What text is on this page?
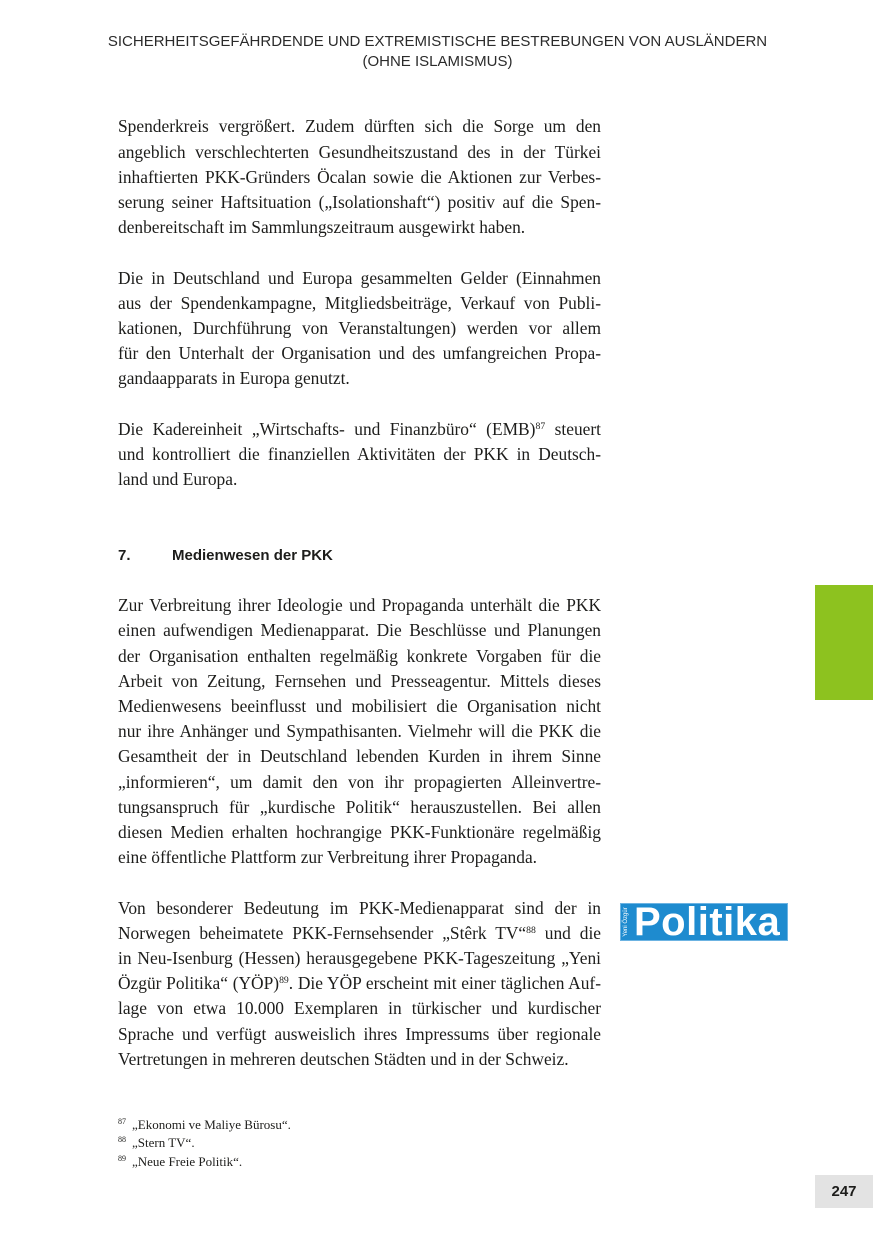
SICHERHEITSGEFÄHRDENDE UND EXTREMISTISCHE BESTREBUNGEN VON AUSLÄNDERN
(OHNE ISLAMISMUS)
Spenderkreis vergrößert. Zudem dürften sich die Sorge um den
angeblich verschlechterten Gesundheitszustand des in der Türkei
inhaftierten PKK-Gründers Öcalan sowie die Aktionen zur Verbes-
serung seiner Haftsituation („Isolationshaft“) positiv auf die Spen-
denbereitschaft im Sammlungszeitraum ausgewirkt haben.
Die in Deutschland und Europa gesammelten Gelder (Einnahmen
aus der Spendenkampagne, Mitgliedsbeiträge, Verkauf von Publi-
kationen, Durchführung von Veranstaltungen) werden vor allem
für den Unterhalt der Organisation und des umfangreichen Propa-
gandaapparats in Europa genutzt.
Die Kadereinheit „Wirtschafts- und Finanzbüro“ (EMB)$^{87}$ steuert
und kontrolliert die finanziellen Aktivitäten der PKK in Deutsch-
land und Europa.
7.	Medienwesen der PKK
Zur Verbreitung ihrer Ideologie und Propaganda unterhält die PKK
einen aufwendigen Medienapparat. Die Beschlüsse und Planungen
der Organisation enthalten regelmäßig konkrete Vorgaben für die
Arbeit von Zeitung, Fernsehen und Presseagentur. Mittels dieses
Medienwesens beeinflusst und mobilisiert die Organisation nicht
nur ihre Anhänger und Sympathisanten. Vielmehr will die PKK die
Gesamtheit der in Deutschland lebenden Kurden in ihrem Sinne
„informieren“, um damit den von ihr propagierten Alleinvertre-
tungsanspruch für „kurdische Politik“ herauszustellen. Bei allen
diesen Medien erhalten hochrangige PKK-Funktionäre regelmäßig
eine öffentliche Plattform zur Verbreitung ihrer Propaganda.
Von besonderer Bedeutung im PKK-Medienapparat sind der in
Norwegen beheimatete PKK-Fernsehsender „Stêrk TV“$^{88}$ und die
in Neu-Isenburg (Hessen) herausgegebene PKK-Tageszeitung „Yeni
Özgür Politika“ (YÖP)$^{89}$. Die YÖP erscheint mit einer täglichen Auf-
lage von etwa 10.000 Exemplaren in türkischer und kurdischer
Sprache und verfügt ausweislich ihres Impressums über regionale
Vertretungen in mehreren deutschen Städten und in der Schweiz.
Yeni Özgür Politika
87 „Ekonomi ve Maliye Bürosu“.
88 „Stern TV“.
89 „Neue Freie Politik“.
247
